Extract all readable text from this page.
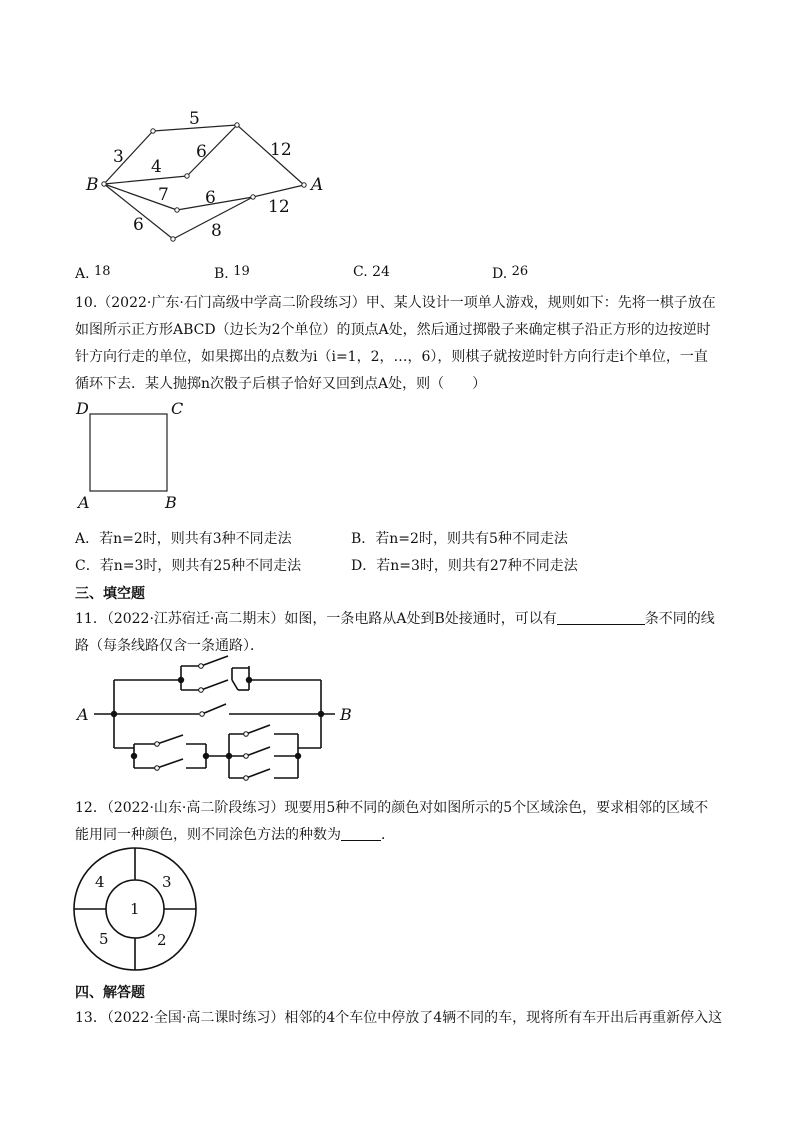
B	A
3
5
12
4
6
7 6	12
6	8
A. 18	B. 19	C. 24	D. 26
10.（2022·广东·石门高级中学高二阶段练习）甲、某人设计一项单人游戏，规则如下：先将一棋子放在
如图所示正方形ABCD（边长为2个单位）的顶点A处，然后通过掷骰子来确定棋子沿正方形的边按逆时
针方向行走的单位，如果掷出的点数为i（i=1，2，…，6），则棋子就按逆时针方向行走i个单位，一直
循环下去．某人抛掷n次骰子后棋子恰好又回到点A处，则（　　）
D	C
A	B
A．若n=2时，则共有3种不同走法	B．若n=2时，则共有5种不同走法
C．若n=3时，则共有25种不同走法	D．若n=3时，则共有27种不同走法
三、填空题
11．（2022·江苏宿迁·高二期末）如图，一条电路从A处到B处接通时，可以有	条不同的线
路（每条线路仅含一条通路）．
A	B
12．（2022·山东·高二阶段练习）现要用5种不同的颜色对如图所示的5个区域涂色，要求相邻的区域不
能用同一种颜色，则不同涂色方法的种数为	．
1
2
3
4
5
四、解答题
13．（2022·全国·高二课时练习）相邻的4个车位中停放了4辆不同的车，现将所有车开出后再重新停入这
